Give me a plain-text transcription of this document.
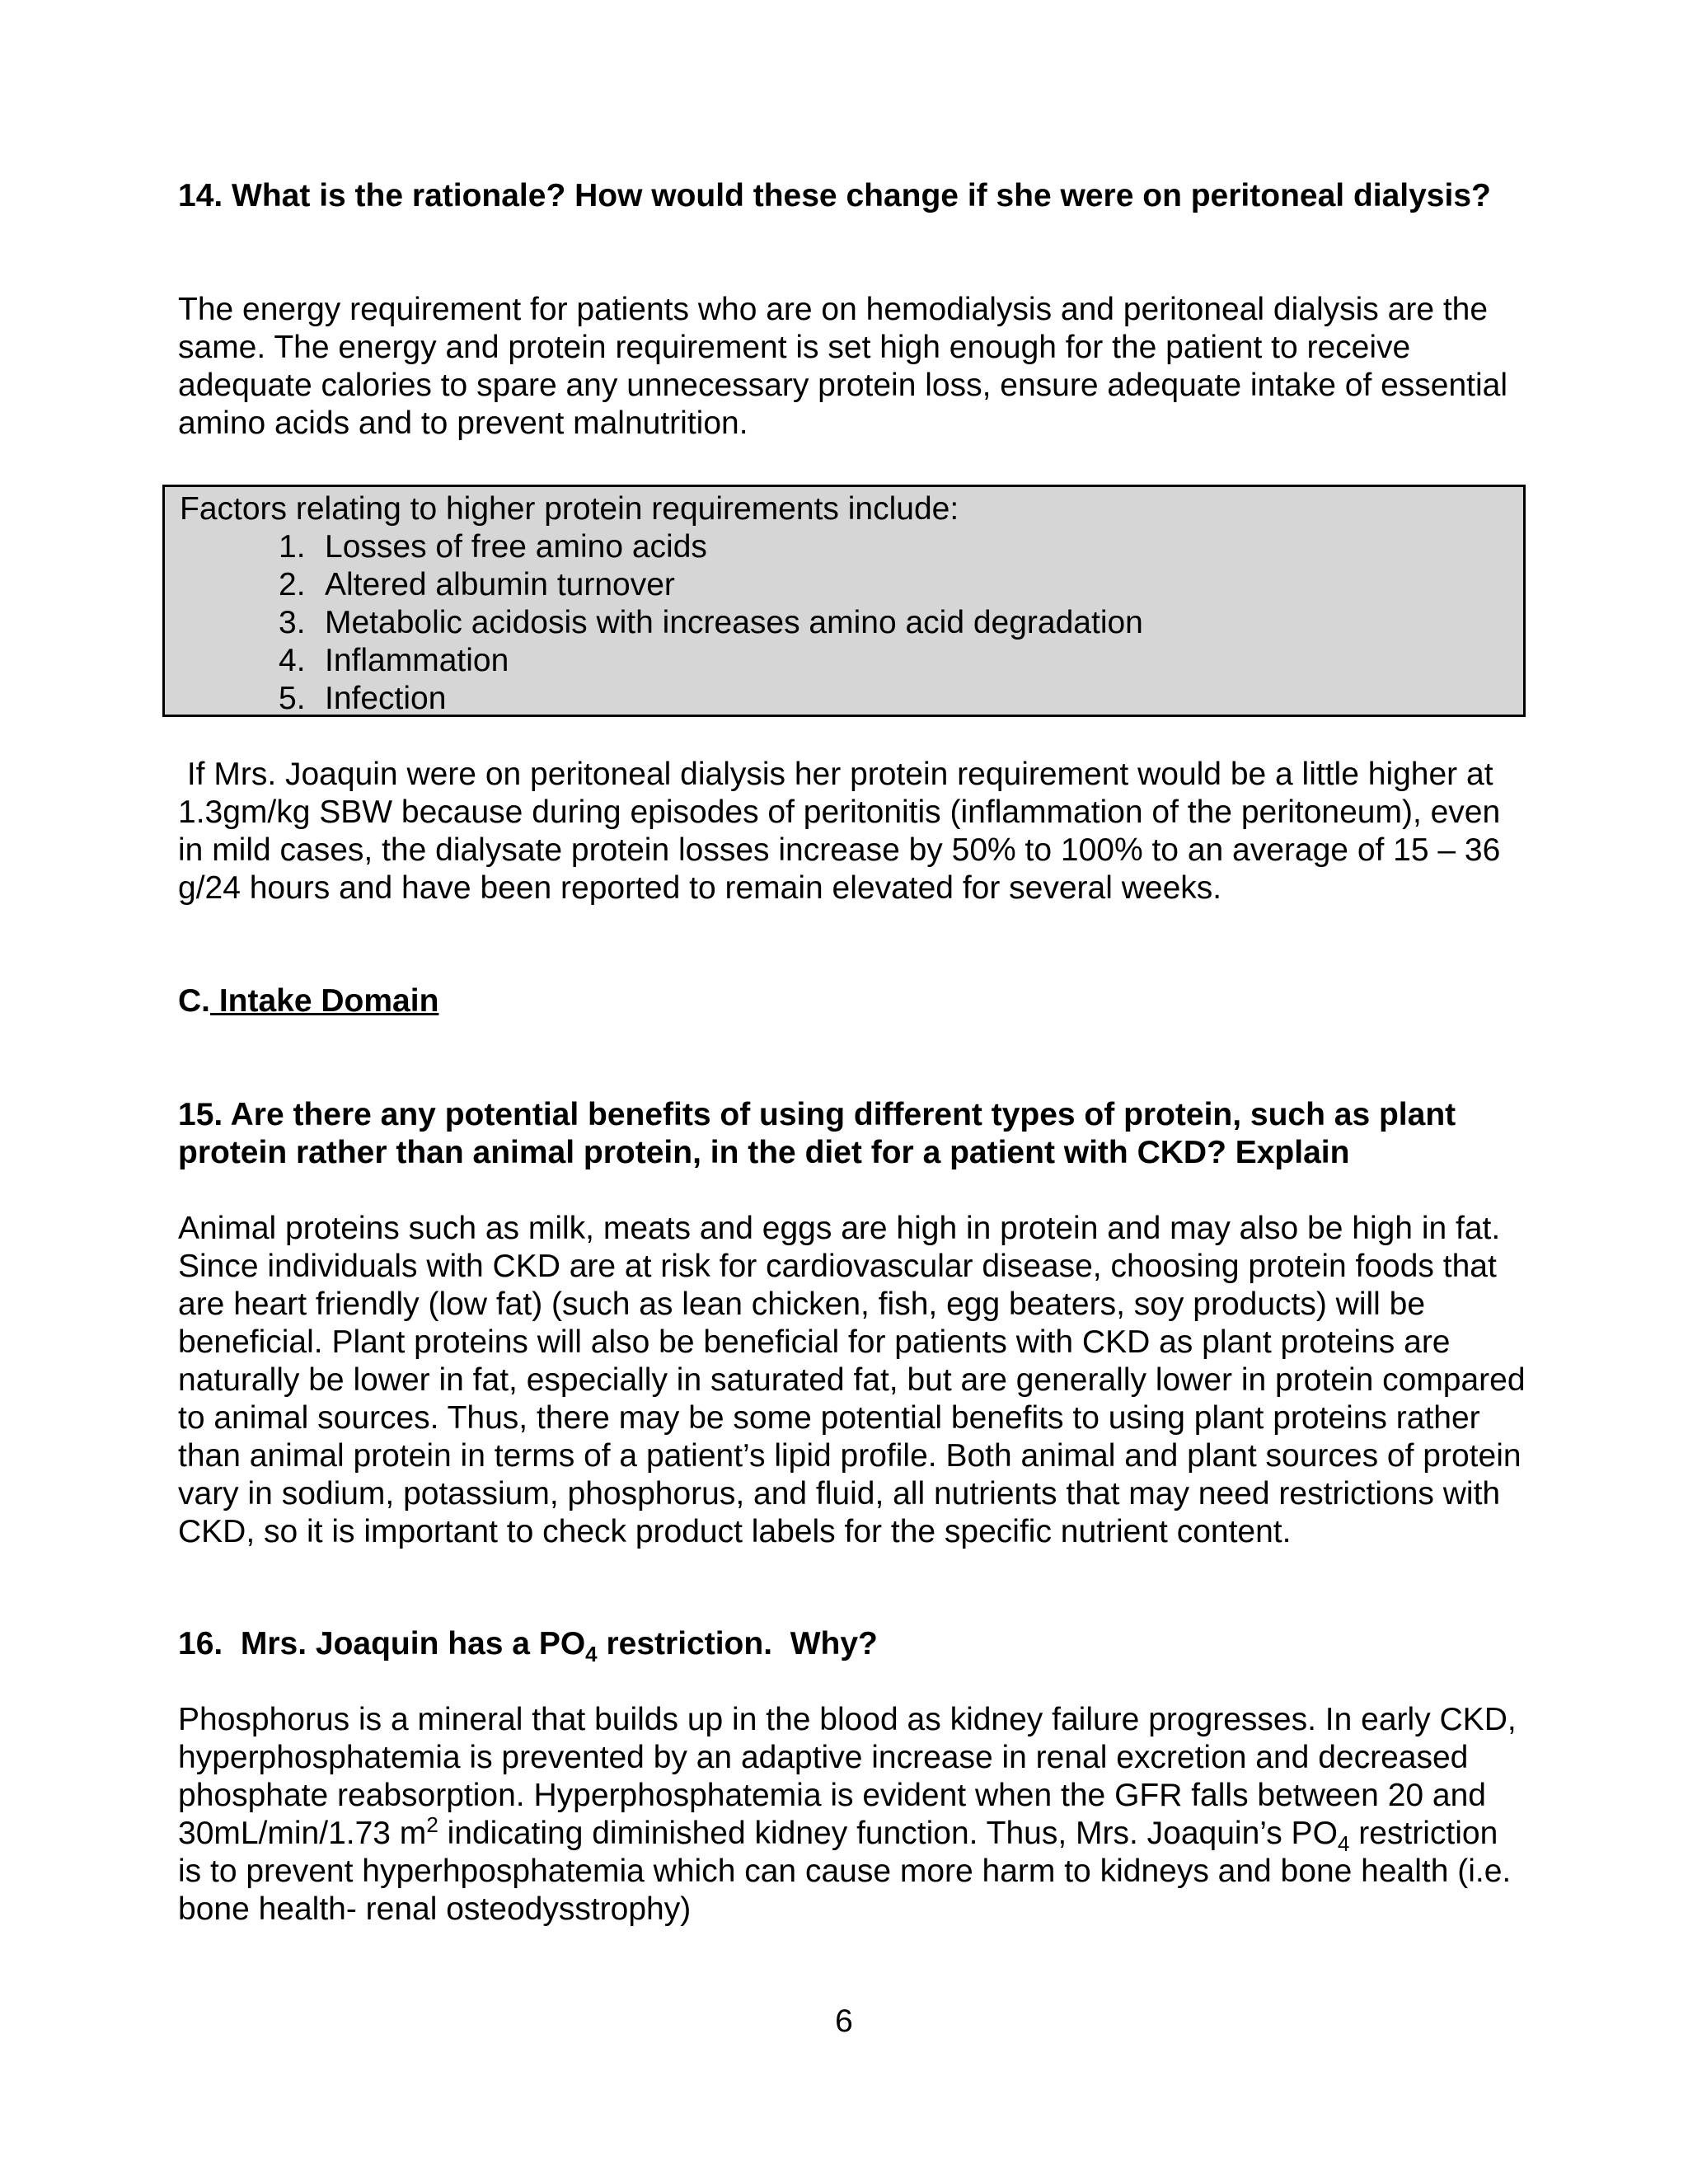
14. What is the rationale? How would these change if she were on peritoneal dialysis?

The energy requirement for patients who are on hemodialysis and peritoneal dialysis are the same. The energy and protein requirement is set high enough for the patient to receive adequate calories to spare any unnecessary protein loss, ensure adequate intake of essential amino acids and to prevent malnutrition.

Factors relating to higher protein requirements include:
1. Losses of free amino acids
2. Altered albumin turnover
3. Metabolic acidosis with increases amino acid degradation
4. Inflammation
5. Infection

If Mrs. Joaquin were on peritoneal dialysis her protein requirement would be a little higher at 1.3gm/kg SBW because during episodes of peritonitis (inflammation of the peritoneum), even in mild cases, the dialysate protein losses increase by 50% to 100% to an average of 15 – 36 g/24 hours and have been reported to remain elevated for several weeks.

C. Intake Domain

15. Are there any potential benefits of using different types of protein, such as plant protein rather than animal protein, in the diet for a patient with CKD? Explain

Animal proteins such as milk, meats and eggs are high in protein and may also be high in fat. Since individuals with CKD are at risk for cardiovascular disease, choosing protein foods that are heart friendly (low fat) (such as lean chicken, fish, egg beaters, soy products) will be beneficial. Plant proteins will also be beneficial for patients with CKD as plant proteins are naturally be lower in fat, especially in saturated fat, but are generally lower in protein compared to animal sources. Thus, there may be some potential benefits to using plant proteins rather than animal protein in terms of a patient’s lipid profile. Both animal and plant sources of protein vary in sodium, potassium, phosphorus, and fluid, all nutrients that may need restrictions with CKD, so it is important to check product labels for the specific nutrient content.

16.  Mrs. Joaquin has a $PO_4$ restriction.  Why?

Phosphorus is a mineral that builds up in the blood as kidney failure progresses. In early CKD, hyperphosphatemia is prevented by an adaptive increase in renal excretion and decreased phosphate reabsorption. Hyperphosphatemia is evident when the GFR falls between 20 and 30mL/min/1.73 $m^2$ indicating diminished kidney function. Thus, Mrs. Joaquin’s $PO_4$ restriction is to prevent hyperhposphatemia which can cause more harm to kidneys and bone health (i.e. bone health- renal osteodysstrophy)

6
